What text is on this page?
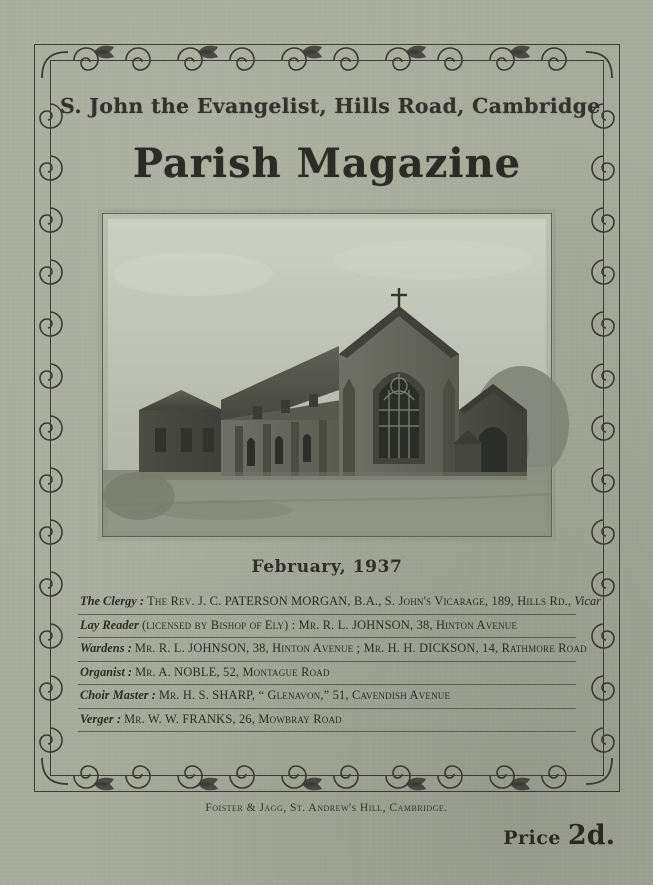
S. John the Evangelist, Hills Road, Cambridge
Parish Magazine
February, 1937
The Clergy : The Rev. J. C. PATERSON MORGAN, B.A., S. John's Vicarage, 189, Hills Rd., Vicar
Lay Reader (licensed by Bishop of Ely) : Mr. R. L. JOHNSON, 38, Hinton Avenue
Wardens : Mr. R. L. JOHNSON, 38, Hinton Avenue ; Mr. H. H. DICKSON, 14, Rathmore Road
Organist : Mr. A. NOBLE, 52, Montague Road
Choir Master : Mr. H. S. SHARP, “ Glenavon,” 51, Cavendish Avenue
Verger : Mr. W. W. FRANKS, 26, Mowbray Road
Foister & Jagg, St. Andrew's Hill, Cambridge.
Price 2d.
